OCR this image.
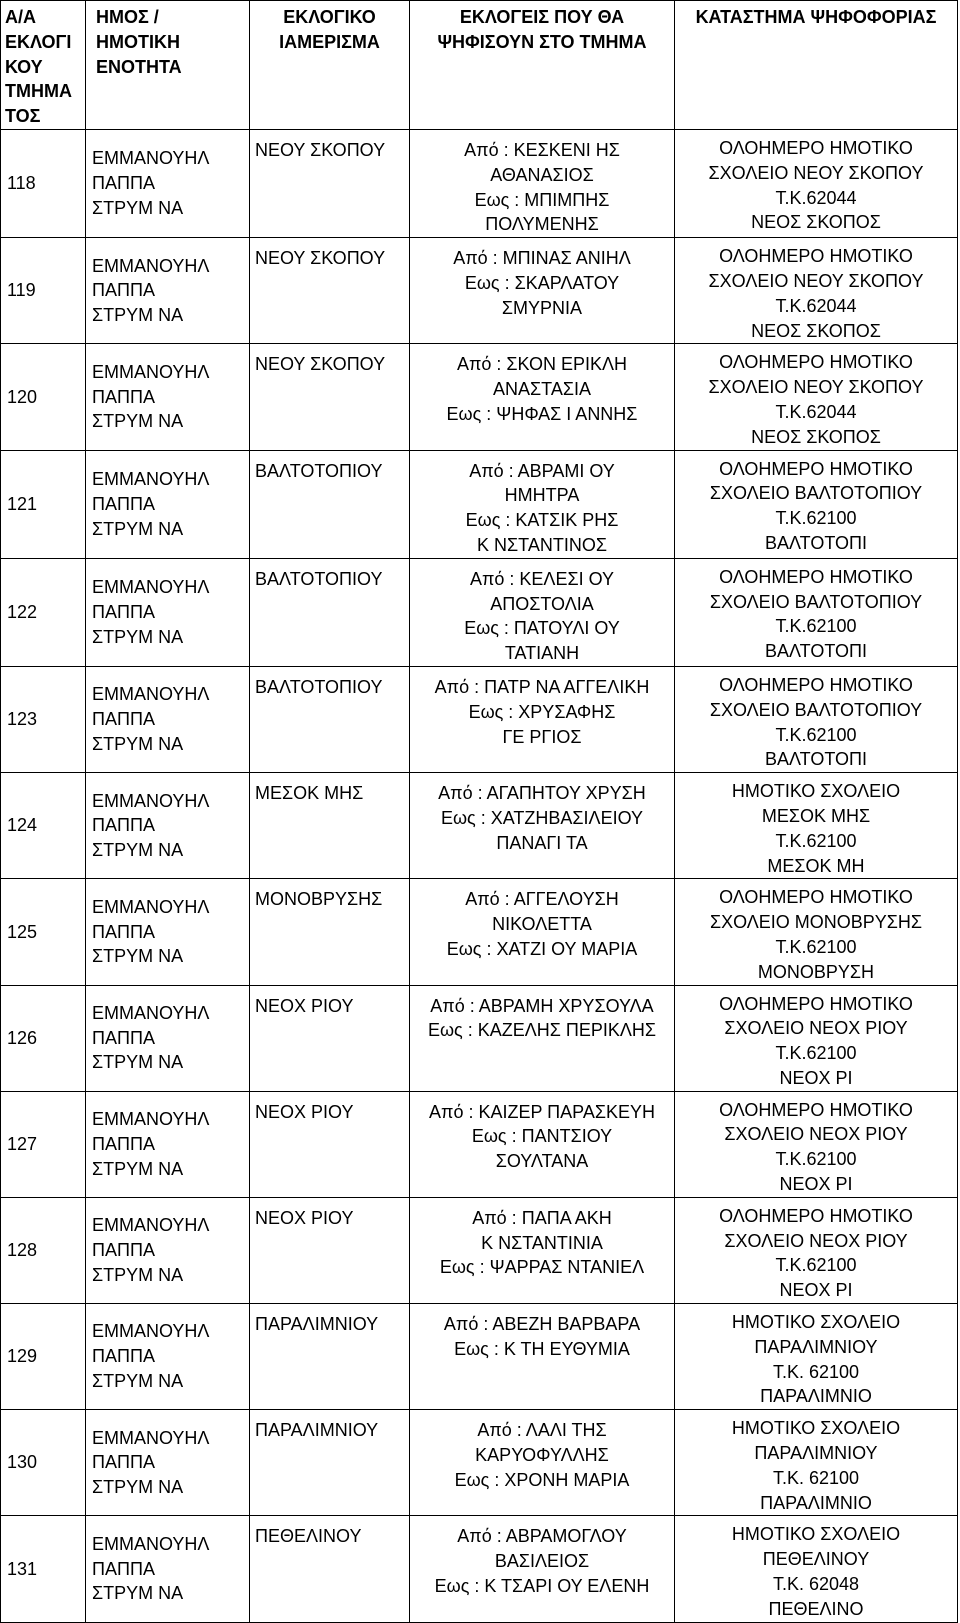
Α/Α
ΕΚΛΟΓΙ
ΚΟΥ
ΤΜΗΜΑ
ΤΟΣ	ΗΜΟΣ /
ΗΜΟΤΙΚΗ
ΕΝΟΤΗΤΑ	ΕΚΛΟΓΙΚΟ
ΙΑΜΕΡΙΣΜΑ	ΕΚΛΟΓΕΙΣ ΠΟΥ ΘΑ
ΨΗΦΙΣΟΥΝ ΣΤΟ ΤΜΗΜΑ	ΚΑΤΑΣΤΗΜΑ ΨΗΦΟΦΟΡΙΑΣ
118	ΕΜΜΑΝΟΥΗΛ
ΠΑΠΠΑ
ΣΤΡΥΜ ΝΑ	ΝΕΟΥ ΣΚΟΠΟΥ	Από : ΚΕΣΚΕΝΙ ΗΣ
ΑΘΑΝΑΣΙΟΣ
Εως : ΜΠΙΜΠΗΣ
ΠΟΛΥΜΕΝΗΣ	ΟΛΟΗΜΕΡΟ ΗΜΟΤΙΚΟ
ΣΧΟΛΕΙΟ ΝΕΟΥ ΣΚΟΠΟΥ
Τ.Κ.62044
ΝΕΟΣ ΣΚΟΠΟΣ
119	ΕΜΜΑΝΟΥΗΛ
ΠΑΠΠΑ
ΣΤΡΥΜ ΝΑ	ΝΕΟΥ ΣΚΟΠΟΥ	Από : ΜΠΙΝΑΣ ΑΝΙΗΛ
Εως : ΣΚΑΡΛΑΤΟΥ
ΣΜΥΡΝΙΑ	ΟΛΟΗΜΕΡΟ ΗΜΟΤΙΚΟ
ΣΧΟΛΕΙΟ ΝΕΟΥ ΣΚΟΠΟΥ
Τ.Κ.62044
ΝΕΟΣ ΣΚΟΠΟΣ
120	ΕΜΜΑΝΟΥΗΛ
ΠΑΠΠΑ
ΣΤΡΥΜ ΝΑ	ΝΕΟΥ ΣΚΟΠΟΥ	Από : ΣΚΟΝ ΕΡΙΚΛΗ
ΑΝΑΣΤΑΣΙΑ
Εως : ΨΗΦΑΣ Ι ΑΝΝΗΣ	ΟΛΟΗΜΕΡΟ ΗΜΟΤΙΚΟ
ΣΧΟΛΕΙΟ ΝΕΟΥ ΣΚΟΠΟΥ
Τ.Κ.62044
ΝΕΟΣ ΣΚΟΠΟΣ
121	ΕΜΜΑΝΟΥΗΛ
ΠΑΠΠΑ
ΣΤΡΥΜ ΝΑ	ΒΑΛΤΟΤΟΠΙΟΥ	Από : ΑΒΡΑΜΙ ΟΥ
ΗΜΗΤΡΑ
Εως : ΚΑΤΣΙΚ ΡΗΣ
Κ ΝΣΤΑΝΤΙΝΟΣ	ΟΛΟΗΜΕΡΟ ΗΜΟΤΙΚΟ
ΣΧΟΛΕΙΟ ΒΑΛΤΟΤΟΠΙΟΥ
Τ.Κ.62100
ΒΑΛΤΟΤΟΠΙ
122	ΕΜΜΑΝΟΥΗΛ
ΠΑΠΠΑ
ΣΤΡΥΜ ΝΑ	ΒΑΛΤΟΤΟΠΙΟΥ	Από : ΚΕΛΕΣΙ ΟΥ
ΑΠΟΣΤΟΛΙΑ
Εως : ΠΑΤΟΥΛΙ ΟΥ
ΤΑΤΙΑΝΗ	ΟΛΟΗΜΕΡΟ ΗΜΟΤΙΚΟ
ΣΧΟΛΕΙΟ ΒΑΛΤΟΤΟΠΙΟΥ
Τ.Κ.62100
ΒΑΛΤΟΤΟΠΙ
123	ΕΜΜΑΝΟΥΗΛ
ΠΑΠΠΑ
ΣΤΡΥΜ ΝΑ	ΒΑΛΤΟΤΟΠΙΟΥ	Από : ΠΑΤΡ ΝΑ ΑΓΓΕΛΙΚΗ
Εως : ΧΡΥΣΑΦΗΣ
ΓΕ ΡΓΙΟΣ	ΟΛΟΗΜΕΡΟ ΗΜΟΤΙΚΟ
ΣΧΟΛΕΙΟ ΒΑΛΤΟΤΟΠΙΟΥ
Τ.Κ.62100
ΒΑΛΤΟΤΟΠΙ
124	ΕΜΜΑΝΟΥΗΛ
ΠΑΠΠΑ
ΣΤΡΥΜ ΝΑ	ΜΕΣΟΚ ΜΗΣ	Από : ΑΓΑΠΗΤΟΥ ΧΡΥΣΗ
Εως : ΧΑΤΖΗΒΑΣΙΛΕΙΟΥ
ΠΑΝΑΓΙ ΤΑ	ΗΜΟΤΙΚΟ ΣΧΟΛΕΙΟ
ΜΕΣΟΚ ΜΗΣ
Τ.Κ.62100
ΜΕΣΟΚ ΜΗ
125	ΕΜΜΑΝΟΥΗΛ
ΠΑΠΠΑ
ΣΤΡΥΜ ΝΑ	ΜΟΝΟΒΡΥΣΗΣ	Από : ΑΓΓΕΛΟΥΣΗ
ΝΙΚΟΛΕΤΤΑ
Εως : ΧΑΤΖΙ ΟΥ ΜΑΡΙΑ	ΟΛΟΗΜΕΡΟ ΗΜΟΤΙΚΟ
ΣΧΟΛΕΙΟ ΜΟΝΟΒΡΥΣΗΣ
Τ.Κ.62100
ΜΟΝΟΒΡΥΣΗ
126	ΕΜΜΑΝΟΥΗΛ
ΠΑΠΠΑ
ΣΤΡΥΜ ΝΑ	ΝΕΟΧ ΡΙΟΥ	Από : ΑΒΡΑΜΗ ΧΡΥΣΟΥΛΑ
Εως : ΚΑΖΕΛΗΣ ΠΕΡΙΚΛΗΣ	ΟΛΟΗΜΕΡΟ ΗΜΟΤΙΚΟ
ΣΧΟΛΕΙΟ ΝΕΟΧ ΡΙΟΥ
Τ.Κ.62100
ΝΕΟΧ ΡΙ
127	ΕΜΜΑΝΟΥΗΛ
ΠΑΠΠΑ
ΣΤΡΥΜ ΝΑ	ΝΕΟΧ ΡΙΟΥ	Από : ΚΑΙΖΕΡ ΠΑΡΑΣΚΕΥΗ
Εως : ΠΑΝΤΣΙΟΥ
ΣΟΥΛΤΑΝΑ	ΟΛΟΗΜΕΡΟ ΗΜΟΤΙΚΟ
ΣΧΟΛΕΙΟ ΝΕΟΧ ΡΙΟΥ
Τ.Κ.62100
ΝΕΟΧ ΡΙ
128	ΕΜΜΑΝΟΥΗΛ
ΠΑΠΠΑ
ΣΤΡΥΜ ΝΑ	ΝΕΟΧ ΡΙΟΥ	Από : ΠΑΠΑ ΑΚΗ
Κ ΝΣΤΑΝΤΙΝΙΑ
Εως : ΨΑΡΡΑΣ ΝΤΑΝΙΕΛ	ΟΛΟΗΜΕΡΟ ΗΜΟΤΙΚΟ
ΣΧΟΛΕΙΟ ΝΕΟΧ ΡΙΟΥ
Τ.Κ.62100
ΝΕΟΧ ΡΙ
129	ΕΜΜΑΝΟΥΗΛ
ΠΑΠΠΑ
ΣΤΡΥΜ ΝΑ	ΠΑΡΑΛΙΜΝΙΟΥ	Από : ΑΒΕΖΗ ΒΑΡΒΑΡΑ
Εως : Κ ΤΗ ΕΥΘΥΜΙΑ	ΗΜΟΤΙΚΟ ΣΧΟΛΕΙΟ
ΠΑΡΑΛΙΜΝΙΟΥ
Τ.Κ. 62100
ΠΑΡΑΛΙΜΝΙΟ
130	ΕΜΜΑΝΟΥΗΛ
ΠΑΠΠΑ
ΣΤΡΥΜ ΝΑ	ΠΑΡΑΛΙΜΝΙΟΥ	Από : ΛΑΛΙ ΤΗΣ
ΚΑΡΥΟΦΥΛΛΗΣ
Εως : ΧΡΟΝΗ ΜΑΡΙΑ	ΗΜΟΤΙΚΟ ΣΧΟΛΕΙΟ
ΠΑΡΑΛΙΜΝΙΟΥ
Τ.Κ. 62100
ΠΑΡΑΛΙΜΝΙΟ
131	ΕΜΜΑΝΟΥΗΛ
ΠΑΠΠΑ
ΣΤΡΥΜ ΝΑ	ΠΕΘΕΛΙΝΟΥ	Από : ΑΒΡΑΜΟΓΛΟΥ
ΒΑΣΙΛΕΙΟΣ
Εως : Κ ΤΣΑΡΙ ΟΥ ΕΛΕΝΗ	ΗΜΟΤΙΚΟ ΣΧΟΛΕΙΟ
ΠΕΘΕΛΙΝΟΥ
Τ.Κ. 62048
ΠΕΘΕΛΙΝΟ
